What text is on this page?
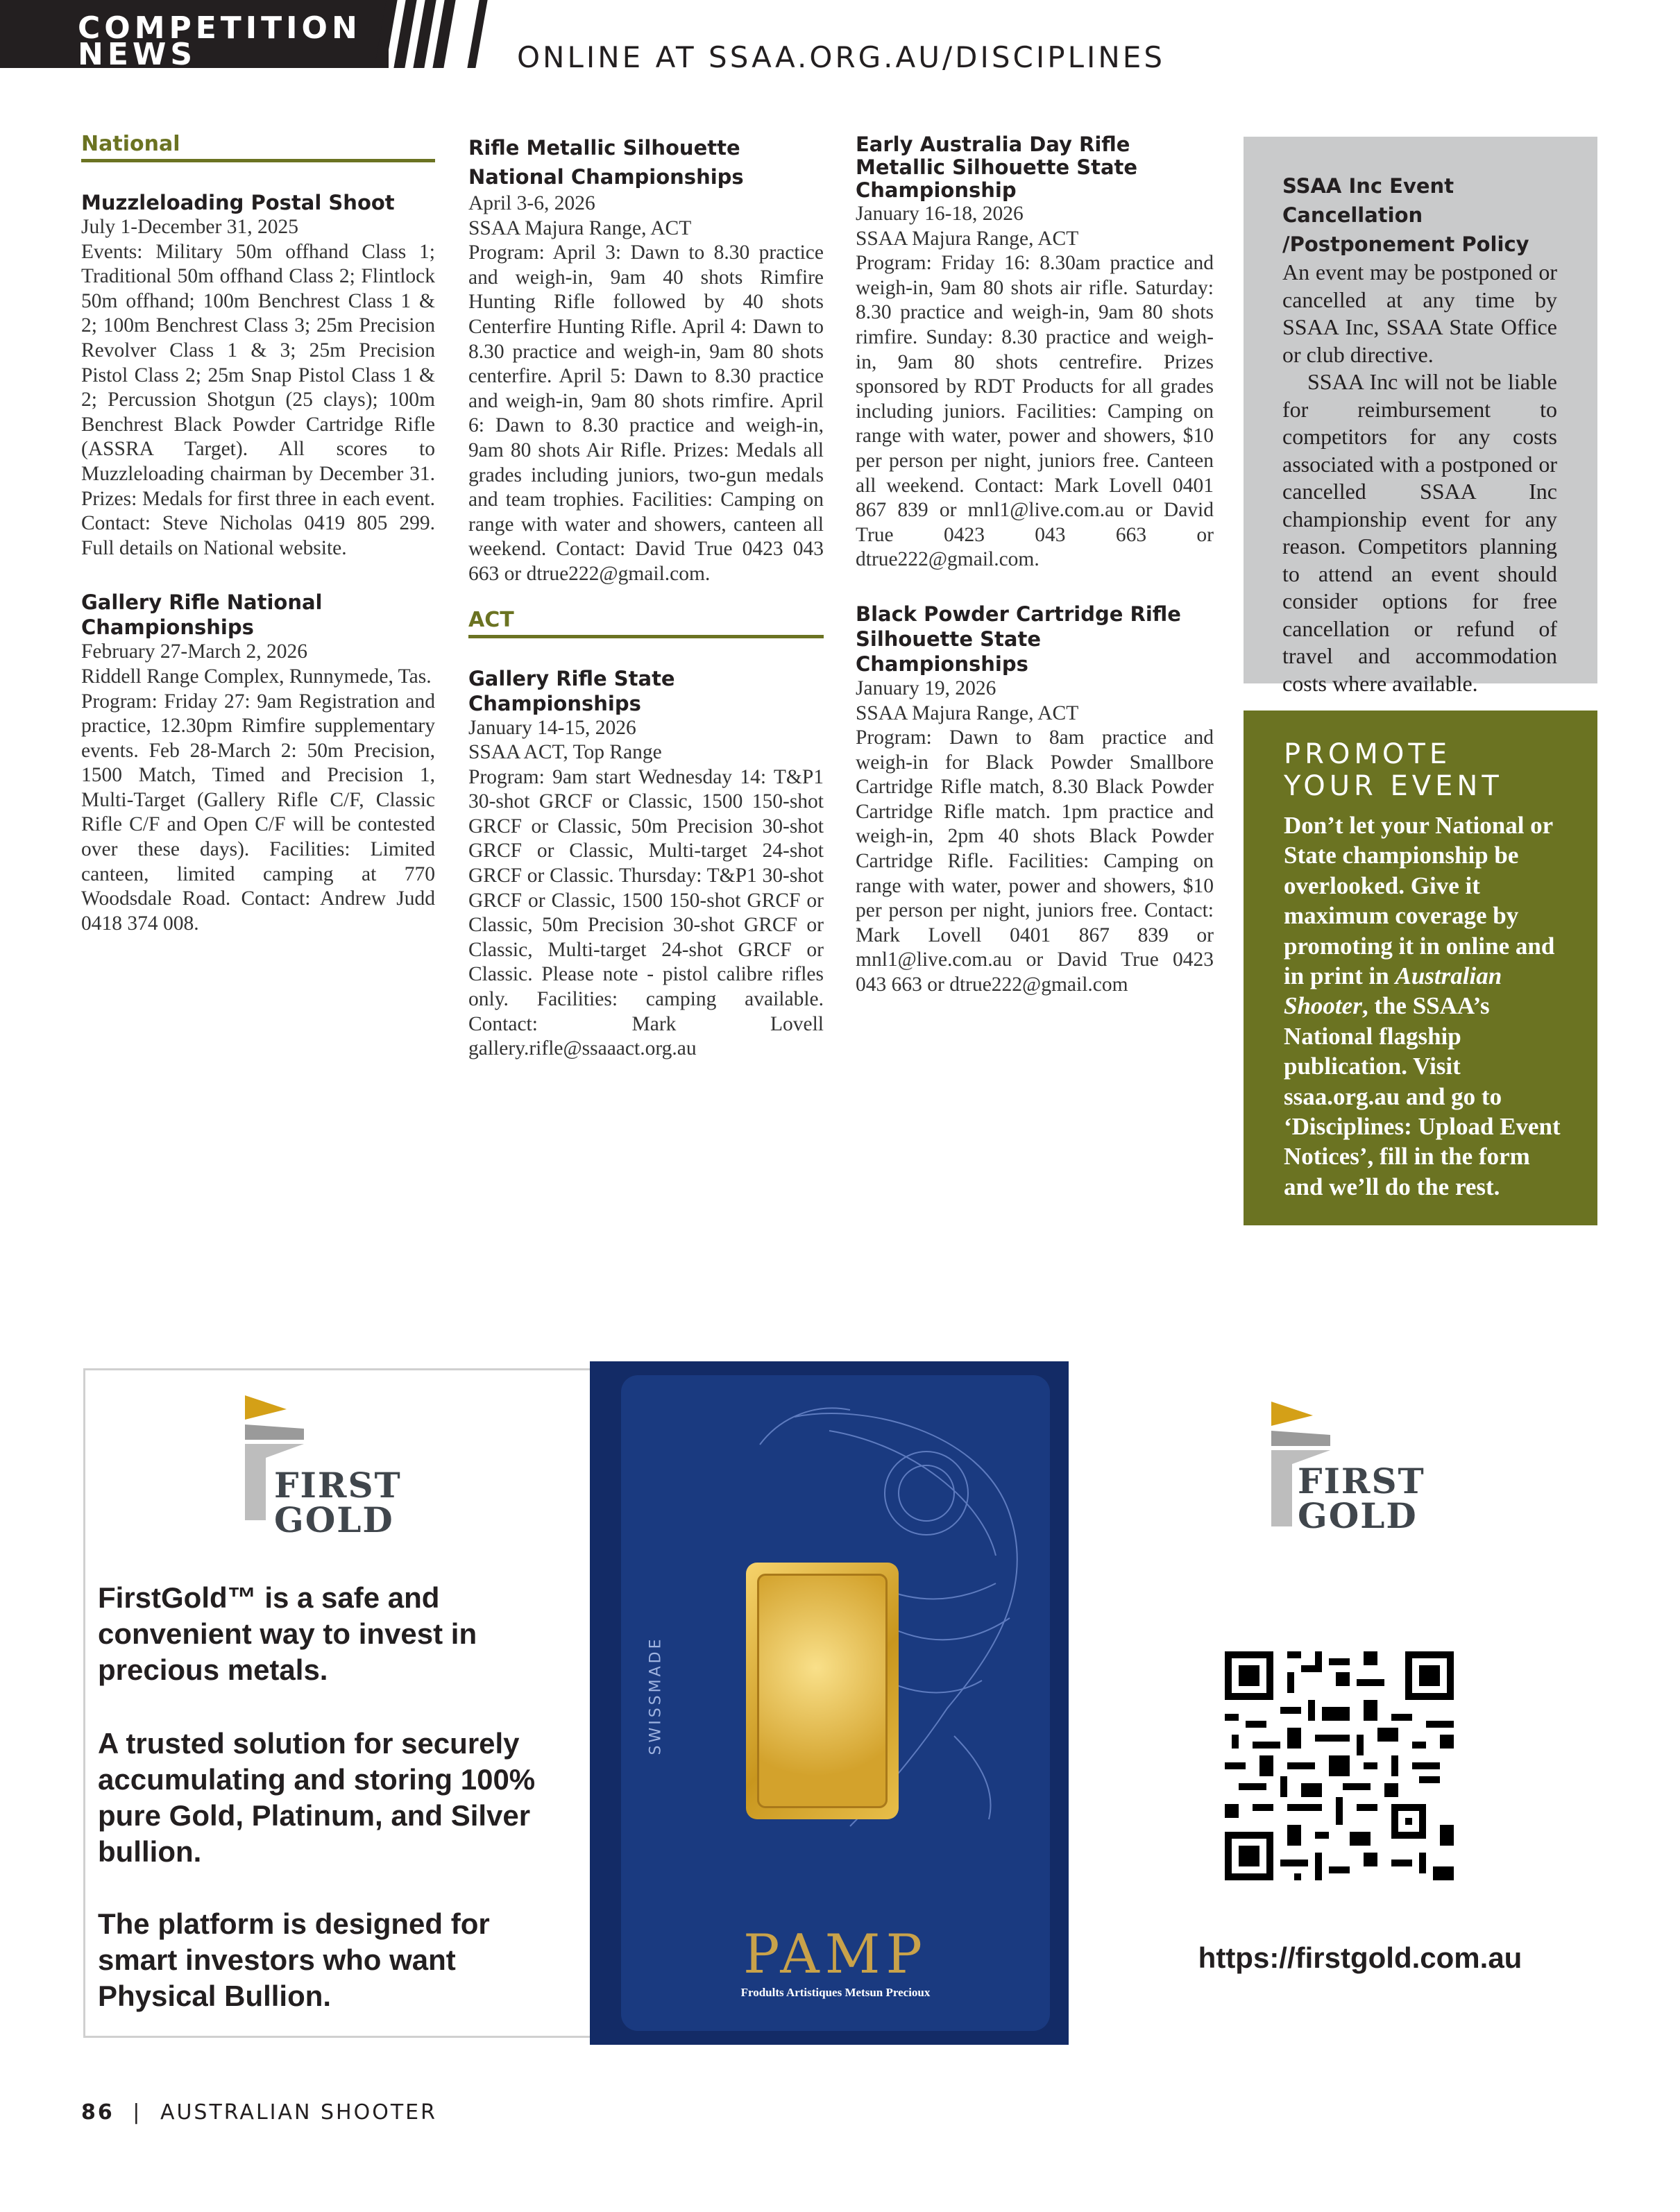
COMPETITION
NEWS	ONLINE AT SSAA.ORG.AU/DISCIPLINES
National
Muzzleloading Postal Shoot
July 1-December 31, 2025
Events: Military 50m offhand Class 1; Traditional 50m offhand Class 2; Flintlock 50m offhand; 100m Benchrest Class 1 & 2; 100m Benchrest Class 3; 25m Precision Revolver Class 1 & 3; 25m Precision Pistol Class 2; 25m Snap Pistol Class 1 & 2; Percussion Shotgun (25 clays); 100m Benchrest Black Powder Cartridge Rifle (ASSRA Target). All scores to Muzzleloading chairman by December 31. Prizes: Medals for first three in each event. Contact: Steve Nicholas 0419 805 299. Full details on National website.
Gallery Rifle National Championships
February 27-March 2, 2026
Riddell Range Complex, Runnymede, Tas.
Program: Friday 27: 9am Registration and practice, 12.30pm Rimfire supplementary events. Feb 28-March 2: 50m Precision, 1500 Match, Timed and Precision 1, Multi-Target (Gallery Rifle C/F, Classic Rifle C/F and Open C/F will be contested over these days). Facilities: Limited canteen, limited camping at 770 Woodsdale Road. Contact: Andrew Judd 0418 374 008.
Rifle Metallic Silhouette National Championships
April 3-6, 2026
SSAA Majura Range, ACT
Program: April 3: Dawn to 8.30 practice and weigh-in, 9am 40 shots Rimfire Hunting Rifle followed by 40 shots Centerfire Hunting Rifle. April 4: Dawn to 8.30 practice and weigh-in, 9am 80 shots centerfire. April 5: Dawn to 8.30 practice and weigh-in, 9am 80 shots rimfire. April 6: Dawn to 8.30 practice and weigh-in, 9am 80 shots Air Rifle. Prizes: Medals all grades including juniors, two-gun medals and team trophies. Facilities: Camping on range with water and showers, canteen all weekend. Contact: David True 0423 043 663 or dtrue222@gmail.com.
ACT
Gallery Rifle State Championships
January 14-15, 2026
SSAA ACT, Top Range
Program: 9am start Wednesday 14: T&P1 30-shot GRCF or Classic, 1500 150-shot GRCF or Classic, 50m Precision 30-shot GRCF or Classic, Multi-target 24-shot GRCF or Classic. Thursday: T&P1 30-shot GRCF or Classic, 1500 150-shot GRCF or Classic, 50m Precision 30-shot GRCF or Classic, Multi-target 24-shot GRCF or Classic. Please note - pistol calibre rifles only. Facilities: camping available. Contact: Mark Lovell gallery.rifle@ssaaact.org.au
Early Australia Day Rifle Metallic Silhouette State Championship
January 16-18, 2026
SSAA Majura Range, ACT
Program: Friday 16: 8.30am practice and weigh-in, 9am 80 shots air rifle. Saturday: 8.30 practice and weigh-in, 9am 80 shots rimfire. Sunday: 8.30 practice and weigh-in, 9am 80 shots centrefire. Prizes sponsored by RDT Products for all grades including juniors. Facilities: Camping on range with water, power and showers, $10 per person per night, juniors free. Canteen all weekend. Contact: Mark Lovell 0401 867 839 or mnl1@live.com.au or David True 0423 043 663 or dtrue222@gmail.com.
Black Powder Cartridge Rifle Silhouette State Championships
January 19, 2026
SSAA Majura Range, ACT
Program: Dawn to 8am practice and weigh-in for Black Powder Smallbore Cartridge Rifle match, 8.30 Black Powder Cartridge Rifle match. 1pm practice and weigh-in, 2pm 40 shots Black Powder Cartridge Rifle. Facilities: Camping on range with water, power and showers, $10 per person per night, juniors free. Contact: Mark Lovell 0401 867 839 or mnl1@live.com.au or David True 0423 043 663 or dtrue222@gmail.com
SSAA Inc Event Cancellation /Postponement Policy

An event may be postponed or cancelled at any time by SSAA Inc, SSAA State Office or club directive.

SSAA Inc will not be liable for reimbursement to competitors for any costs associated with a postponed or cancelled SSAA Inc championship event for any reason. Competitors planning to attend an event should consider options for free cancellation or refund of travel and accommodation costs where available.

PROMOTE
YOUR EVENT
Don’t let your National or State championship be overlooked. Give it maximum coverage by promoting it in online and in print in Australian Shooter, the SSAA’s National flagship publication. Visit ssaa.org.au and go to ‘Disciplines: Upload Event Notices’, fill in the form and we’ll do the rest.
FIRST
GOLD
FirstGold™ is a safe and convenient way to invest in precious metals.
A trusted solution for securely accumulating and storing 100% pure Gold, Platinum, and Silver bullion.
The platform is designed for smart investors who want Physical Bullion.
SWISSMADE
PAMP
Frodults Artistiques Metsun Precioux
FIRST
GOLD
https://firstgold.com.au
86 | AUSTRALIAN SHOOTER
